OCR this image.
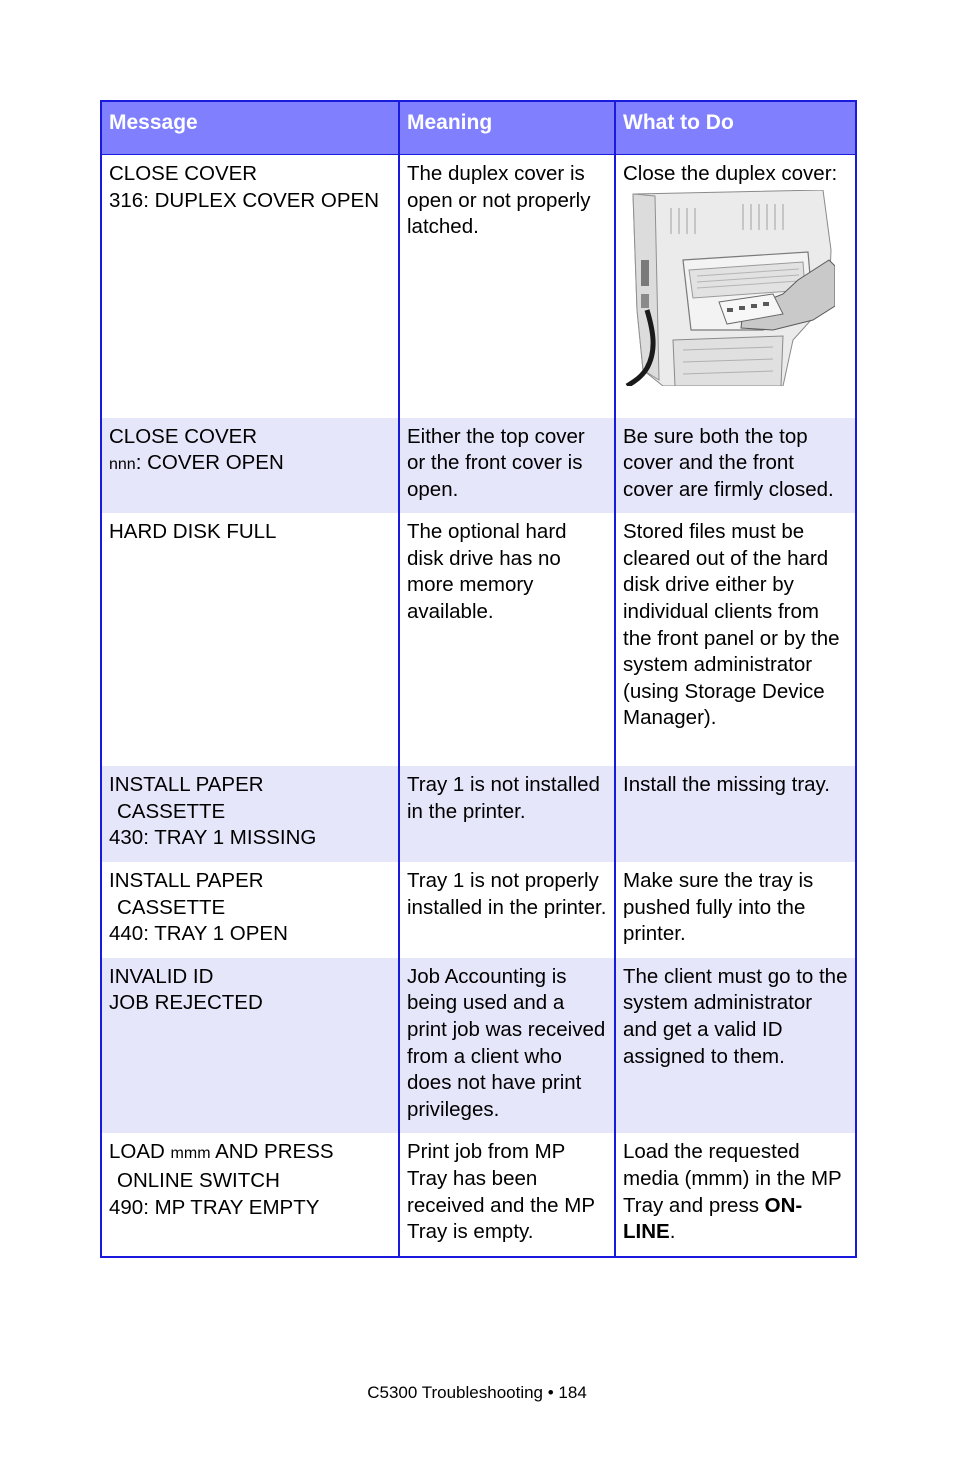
Message	Meaning	What to Do

CLOSE COVER
316: DUPLEX COVER OPEN	The duplex cover is open or not properly latched.	Close the duplex cover:

CLOSE COVER
nnn: COVER OPEN	Either the top cover or the front cover is open.	Be sure both the top cover and the front cover are firmly closed.

HARD DISK FULL	The optional hard disk drive has no more memory available.	Stored files must be cleared out of the hard disk drive either by individual clients from the front panel or by the system administrator (using Storage Device Manager).

INSTALL PAPER
CASSETTE
430: TRAY 1 MISSING	Tray 1 is not installed in the printer.	Install the missing tray.

INSTALL PAPER
CASSETTE
440: TRAY 1 OPEN	Tray 1 is not properly installed in the printer.	Make sure the tray is pushed fully into the printer.

INVALID ID
JOB REJECTED	Job Accounting is being used and a print job was received from a client who does not have print privileges.	The client must go to the system administrator and get a valid ID assigned to them.

LOAD mmm AND PRESS
ONLINE SWITCH
490: MP TRAY EMPTY	Print job from MP Tray has been received and the MP Tray is empty.	Load the requested media (mmm) in the MP Tray and press ON-LINE.
C5300 Troubleshooting • 184
